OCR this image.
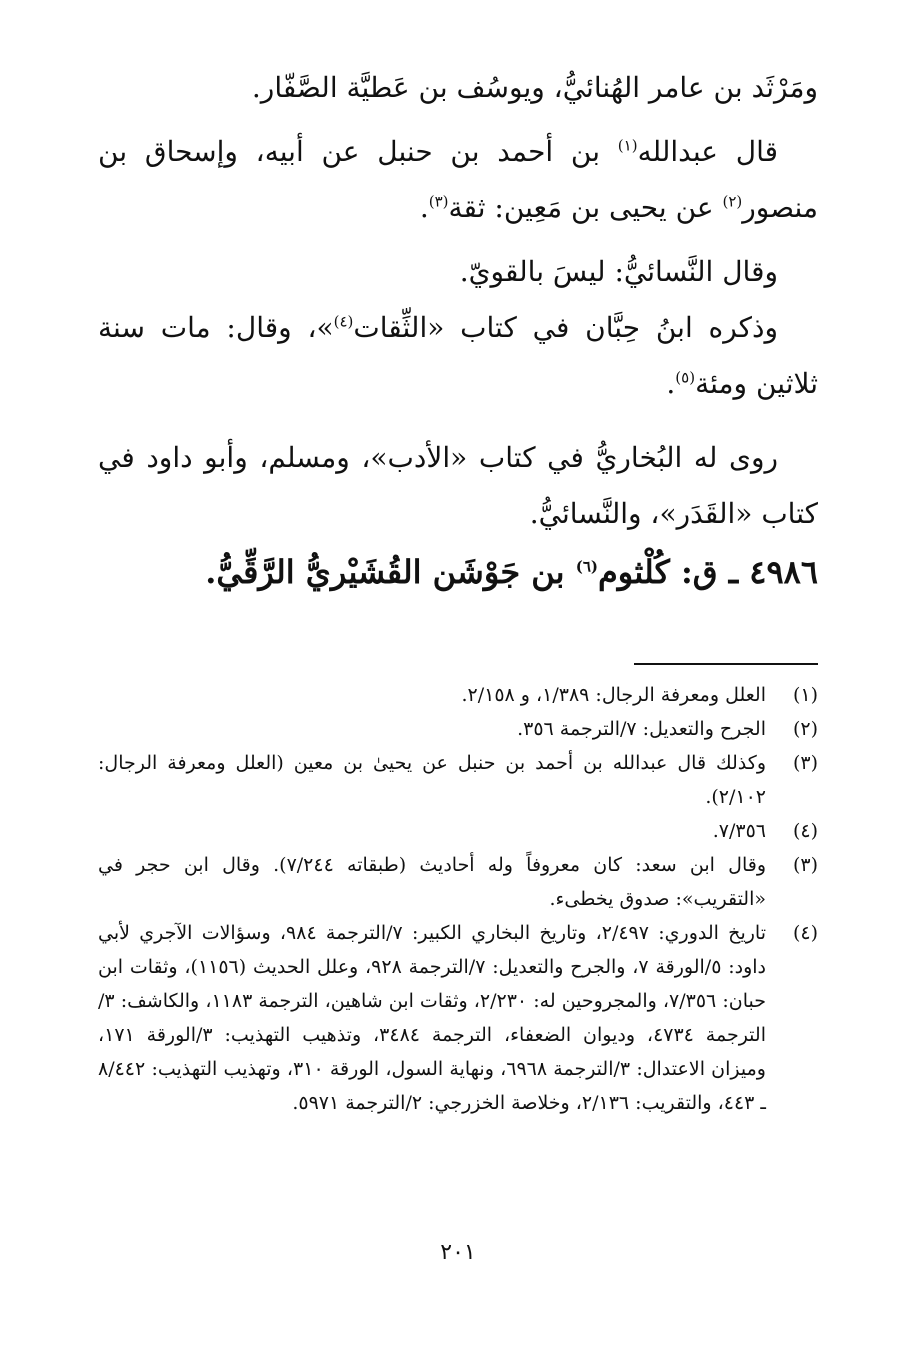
ومَرْثَد بن عامر الهُنائيُّ، ويوسُف بن عَطيَّة الصَّفّار.

قال عبدالله$^{(١)}$ بن أحمد بن حنبل عن أبيه، وإسحاق بن منصور$^{(٢)}$ عن يحيى بن مَعِين: ثقة$^{(٣)}$.

وقال النَّسائيُّ: ليسَ بالقويّ.

وذكره ابنُ حِبَّان في كتاب «الثِّقات$^{(٤)}$»، وقال: مات سنة ثلاثين ومئة$^{(٥)}$.

روى له البُخاريُّ في كتاب «الأدب»، ومسلم، وأبو داود في كتاب «القَدَر»، والنَّسائيُّ.

٤٩٨٦ ـ ق: كُلْثوم$^{(٦)}$ بن جَوْشَن القُشَيْريُّ الرَّقِّيُّ.

(١)
العلل ومعرفة الرجال: ١/٣٨٩، و ٢/١٥٨.
(٢)
الجرح والتعديل: ٧/الترجمة ٣٥٦.
(٣)
وكذلك قال عبدالله بن أحمد بن حنبل عن يحيىٰ بن معين (العلل ومعرفة الرجال: ٢/١٠٢).
(٤)
٧/٣٥٦.
(٣)
وقال ابن سعد: كان معروفاً وله أحاديث (طبقاته ٧/٢٤٤). وقال ابن حجر في «التقريب»: صدوق يخطىء.
(٤)
تاريخ الدوري: ٢/٤٩٧، وتاريخ البخاري الكبير: ٧/الترجمة ٩٨٤، وسؤالات الآجري لأبي داود: ٥/الورقة ٧، والجرح والتعديل: ٧/الترجمة ٩٢٨، وعلل الحديث (١١٥٦)، وثقات ابن حبان: ٧/٣٥٦، والمجروحين له: ٢/٢٣٠، وثقات ابن شاهين، الترجمة ١١٨٣، والكاشف: ٣/الترجمة ٤٧٣٤، وديوان الضعفاء، الترجمة ٣٤٨٤، وتذهيب التهذيب: ٣/الورقة ١٧١، وميزان الاعتدال: ٣/الترجمة ٦٩٦٨، ونهاية السول، الورقة ٣١٠، وتهذيب التهذيب: ٨/٤٤٢ ـ ٤٤٣، والتقريب: ٢/١٣٦، وخلاصة الخزرجي: ٢/الترجمة ٥٩٧١.
٢٠١
